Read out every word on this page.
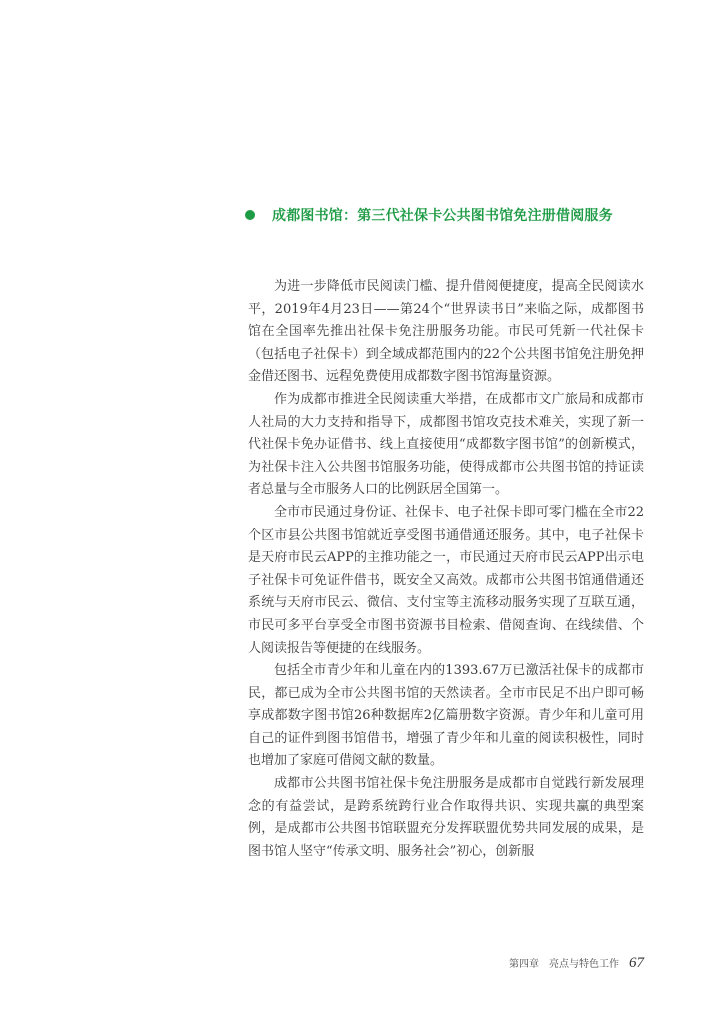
成都图书馆：第三代社保卡公共图书馆免注册借阅服务

为进一步降低市民阅读门槛、提升借阅便捷度，提高全民阅读水平，2019年4月23日——第24个“世界读书日”来临之际，成都图书馆在全国率先推出社保卡免注册服务功能。市民可凭新一代社保卡（包括电子社保卡）到全域成都范围内的22个公共图书馆免注册免押金借还图书、远程免费使用成都数字图书馆海量资源。

作为成都市推进全民阅读重大举措，在成都市文广旅局和成都市人社局的大力支持和指导下，成都图书馆攻克技术难关，实现了新一代社保卡免办证借书、线上直接使用“成都数字图书馆”的创新模式，为社保卡注入公共图书馆服务功能，使得成都市公共图书馆的持证读者总量与全市服务人口的比例跃居全国第一。

全市市民通过身份证、社保卡、电子社保卡即可零门槛在全市22个区市县公共图书馆就近享受图书通借通还服务。其中，电子社保卡是天府市民云APP的主推功能之一，市民通过天府市民云APP出示电子社保卡可免证件借书，既安全又高效。成都市公共图书馆通借通还系统与天府市民云、微信、支付宝等主流移动服务实现了互联互通，市民可多平台享受全市图书资源书目检索、借阅查询、在线续借、个人阅读报告等便捷的在线服务。

包括全市青少年和儿童在内的1393.67万已激活社保卡的成都市民，都已成为全市公共图书馆的天然读者。全市市民足不出户即可畅享成都数字图书馆26种数据库2亿篇册数字资源。青少年和儿童可用自己的证件到图书馆借书，增强了青少年和儿童的阅读积极性，同时也增加了家庭可借阅文献的数量。

成都市公共图书馆社保卡免注册服务是成都市自觉践行新发展理念的有益尝试，是跨系统跨行业合作取得共识、实现共赢的典型案例，是成都市公共图书馆联盟充分发挥联盟优势共同发展的成果，是图书馆人坚守“传承文明、服务社会”初心，创新服

第四章　亮点与特色工作 67
